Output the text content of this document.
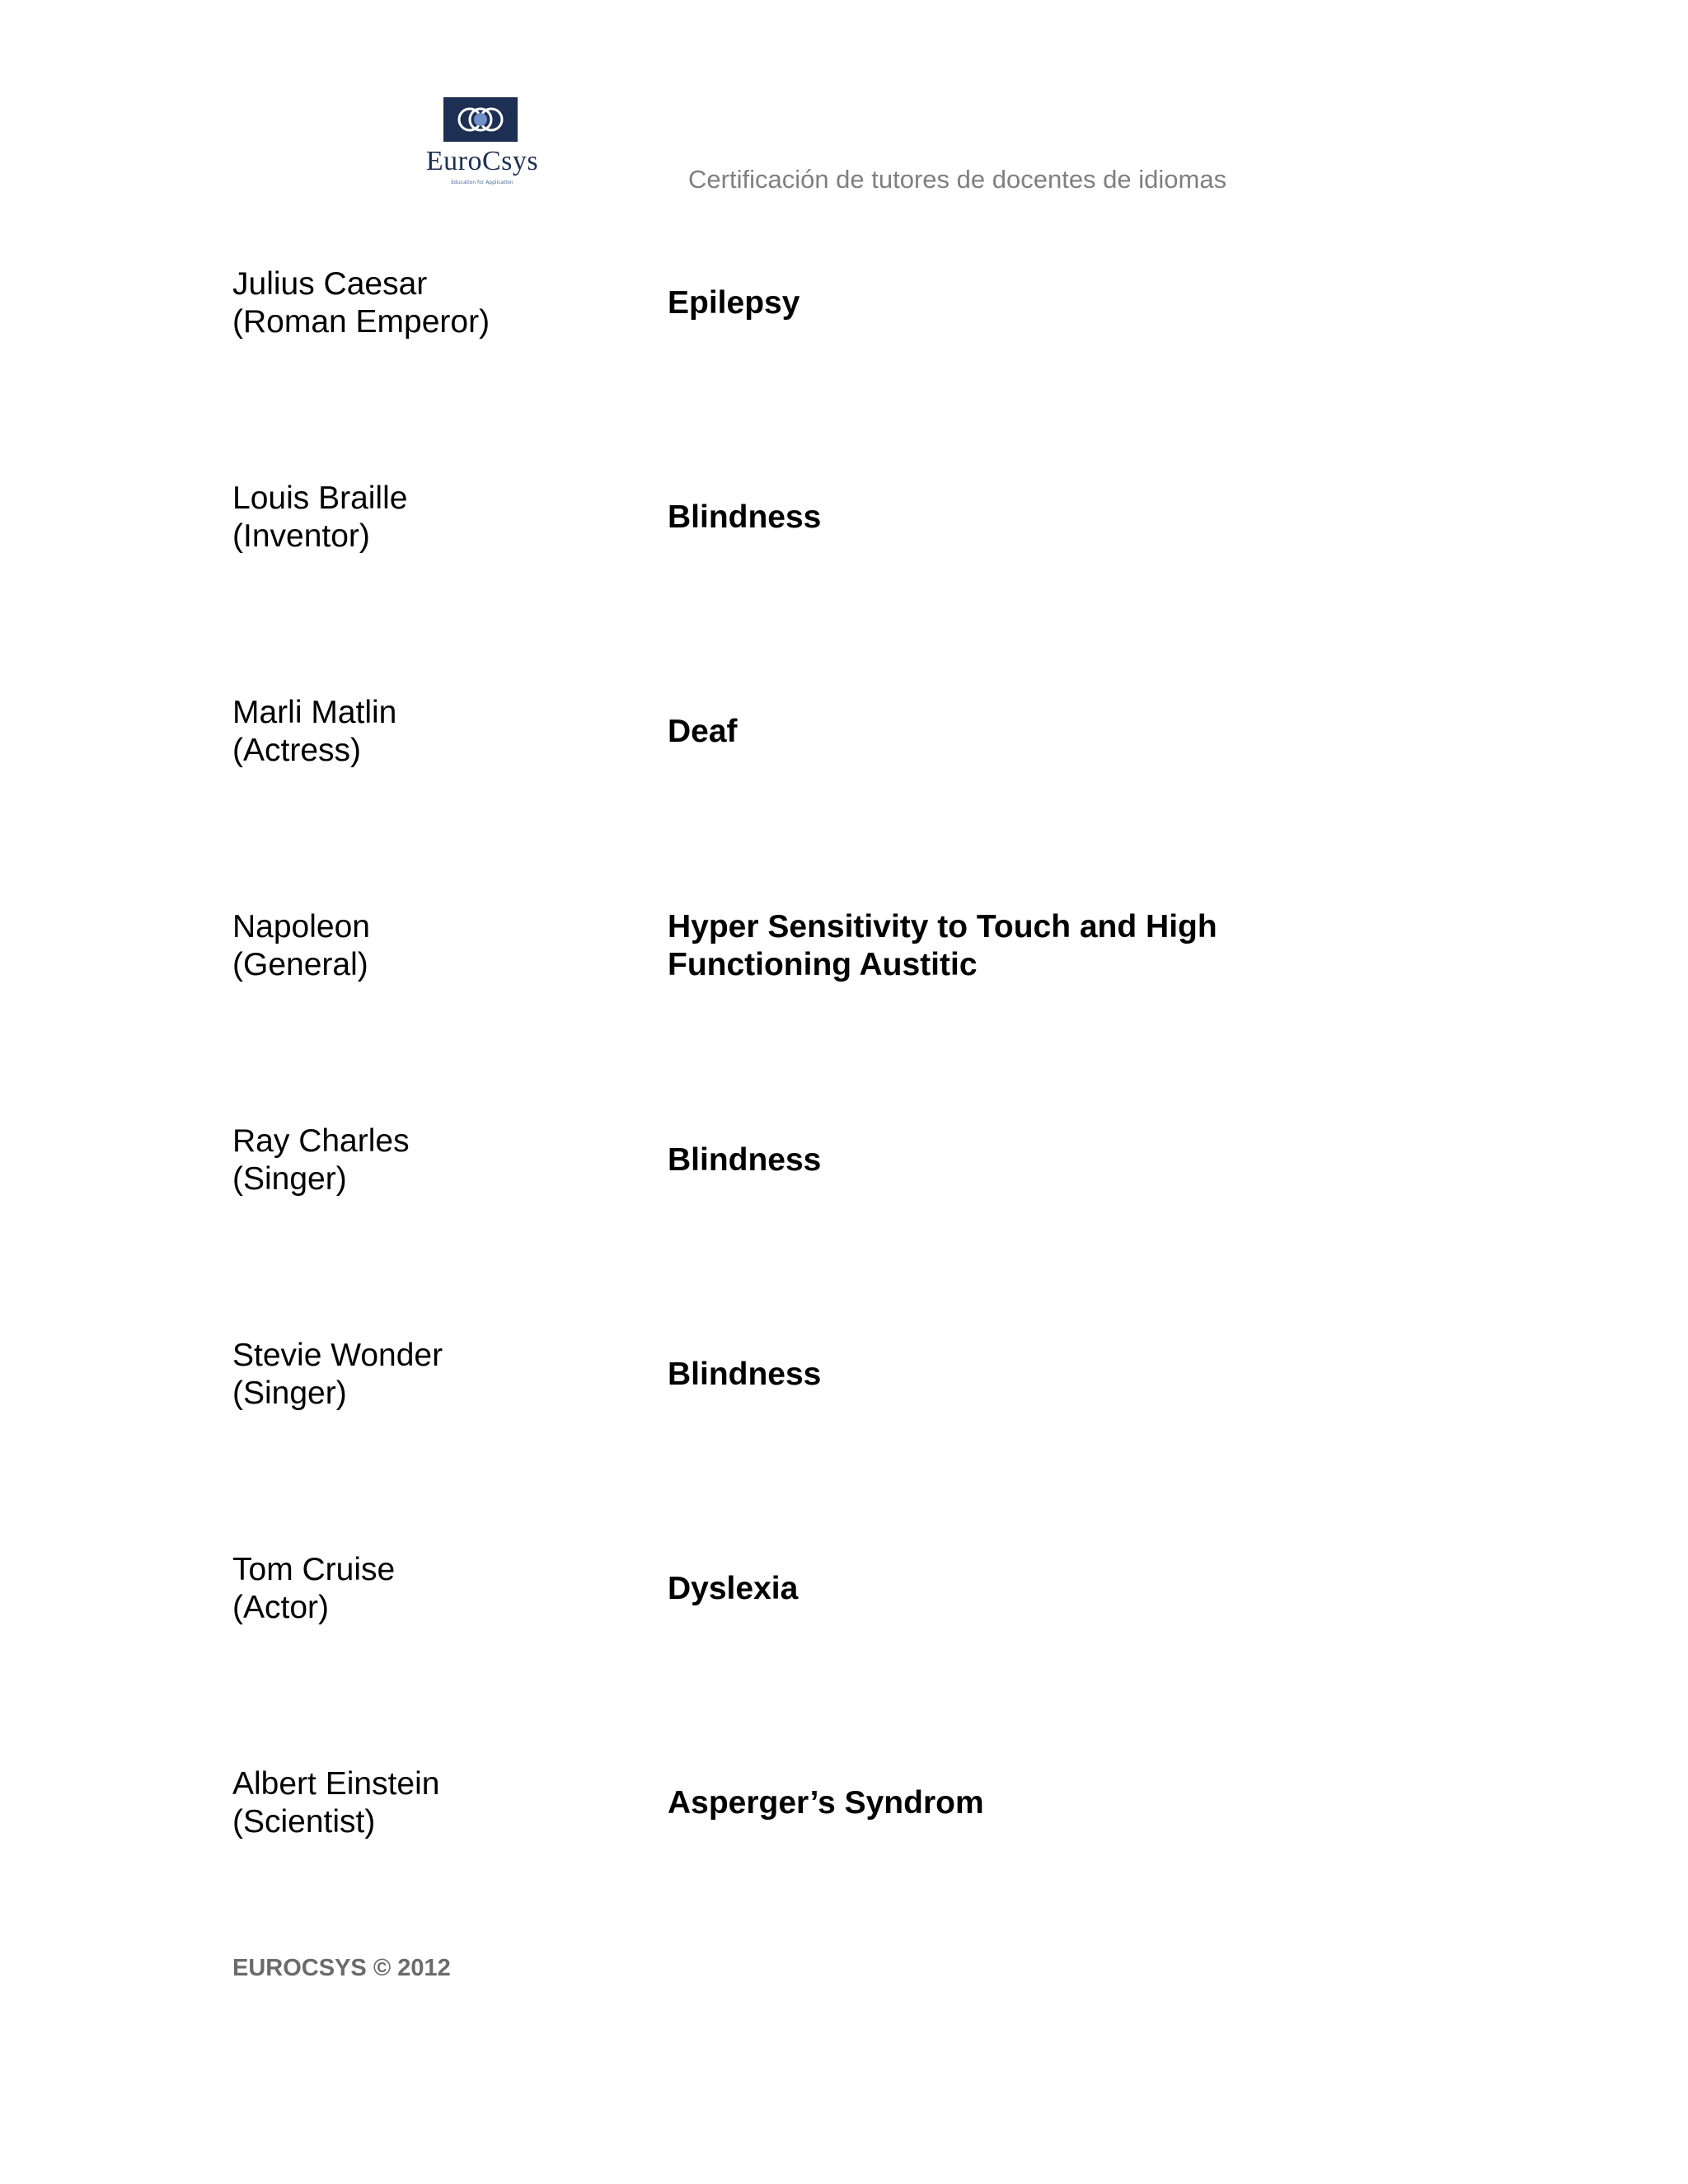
EuroCsys
Education for Application	Certificación de tutores de docentes de idiomas
Julius Caesar
(Roman Emperor)
Epilepsy
Louis Braille
(Inventor)
Blindness
Marli Matlin
(Actress)
Deaf
Napoleon
(General)
Hyper Sensitivity to Touch and High
Functioning Austitic
Ray Charles
(Singer)
Blindness
Stevie Wonder
(Singer)
Blindness
Tom Cruise
(Actor)
Dyslexia
Albert Einstein
(Scientist)
Asperger’s Syndrom
EUROCSYS © 2012
